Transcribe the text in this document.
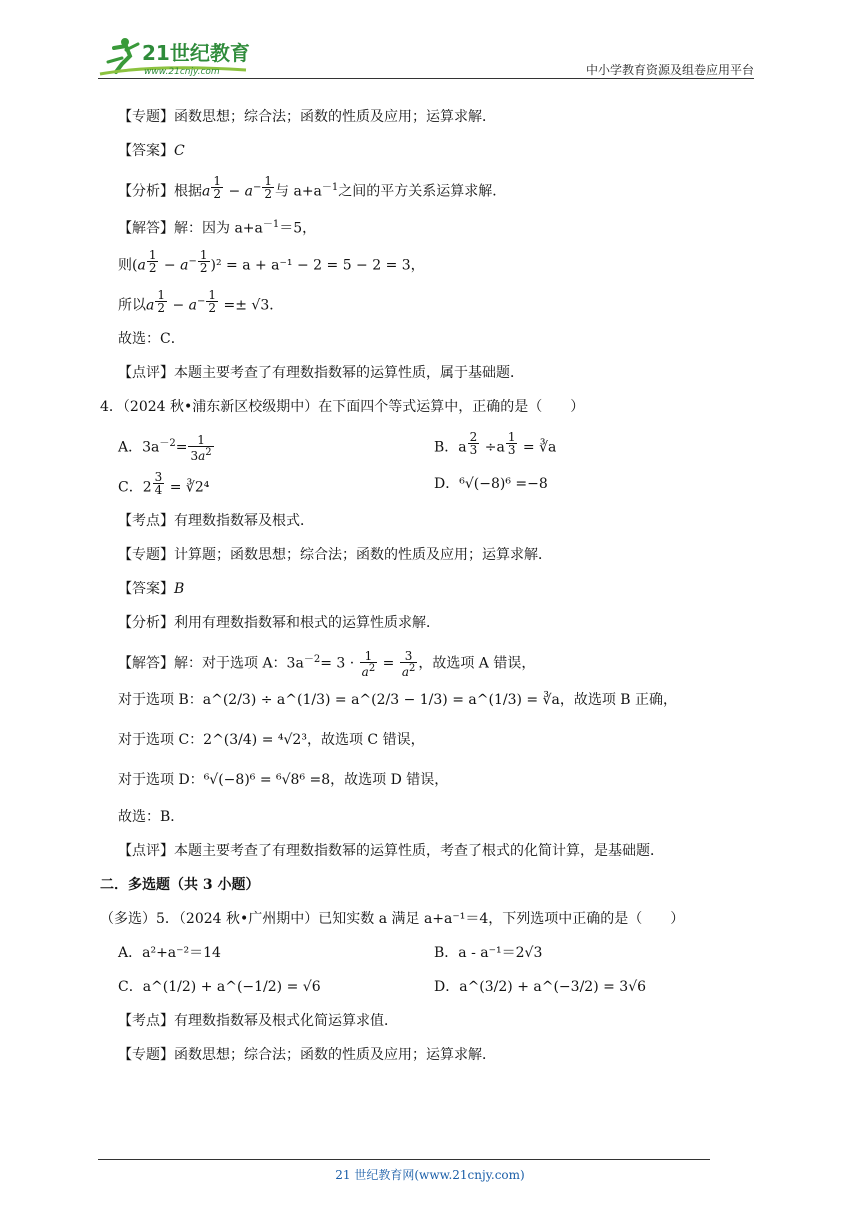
21世纪教育
www.21cnjy.com	中小学教育资源及组卷应用平台
【专题】函数思想；综合法；函数的性质及应用；运算求解．
【答案】C
【分析】根据a $^{\frac{1}{2}} - a^{- \frac{1}{2}}$ 与 $a+a^{-1}$之间的平方关系运算求解．
【解答】解：因为 $a+a^{-1}=5$，
则(a $^{\frac{1}{2}} - a^{- \frac{1}{2}}$ )² = a + a⁻¹ − 2 = 5 − 2 = 3，
所以a $^{\frac{1}{2}} - a^{- \frac{1}{2}} =\pm √3$．
故选：C．
【点评】本题主要考查了有理数指数幂的运算性质，属于基础题．
4．（2024 秋•浦东新区校级期中）在下面四个等式运算中，正确的是（　　）
A．$3a^{-2}= \frac{1}{3a^2}$	B．a $^{\frac{2}{3}}$ ÷a $^{\frac{1}{3}}$ = ∛a
C．2 $^{\frac{3}{4}}$ = ∛2⁴	D．⁶√(−8)⁶ =−8
【考点】有理数指数幂及根式．
【专题】计算题；函数思想；综合法；函数的性质及应用；运算求解．
【答案】B
【分析】利用有理数指数幂和根式的运算性质求解．
【解答】解：对于选项 A：$3a^{-2}= 3 \cdot \frac{1}{a^2} = \frac{3}{a^2}$ ，故选项 A 错误，
对于选项 B：a^(2/3) ÷ a^(1/3) = a^(2/3 − 1/3) = a^(1/3) = ∛a，故选项 B 正确，
对于选项 C：2^(3/4) = ⁴√2³，故选项 C 错误，
对于选项 D：⁶√(−8)⁶ = ⁶√8⁶ =8，故选项 D 错误，
故选：B．
【点评】本题主要考查了有理数指数幂的运算性质，考查了根式的化简计算，是基础题．
二．多选题（共 3 小题）
（多选）5．（2024 秋•广州期中）已知实数 a 满足 a+a⁻¹＝4，下列选项中正确的是（　　）
A．a²+a⁻²＝14	B．a - a⁻¹＝2√3
C．a^(1/2) + a^(−1/2) = √6	D．a^(3/2) + a^(−3/2) = 3√6
【考点】有理数指数幂及根式化简运算求值．
【专题】函数思想；综合法；函数的性质及应用；运算求解．
21 世纪教育网(www.21cnjy.com)
